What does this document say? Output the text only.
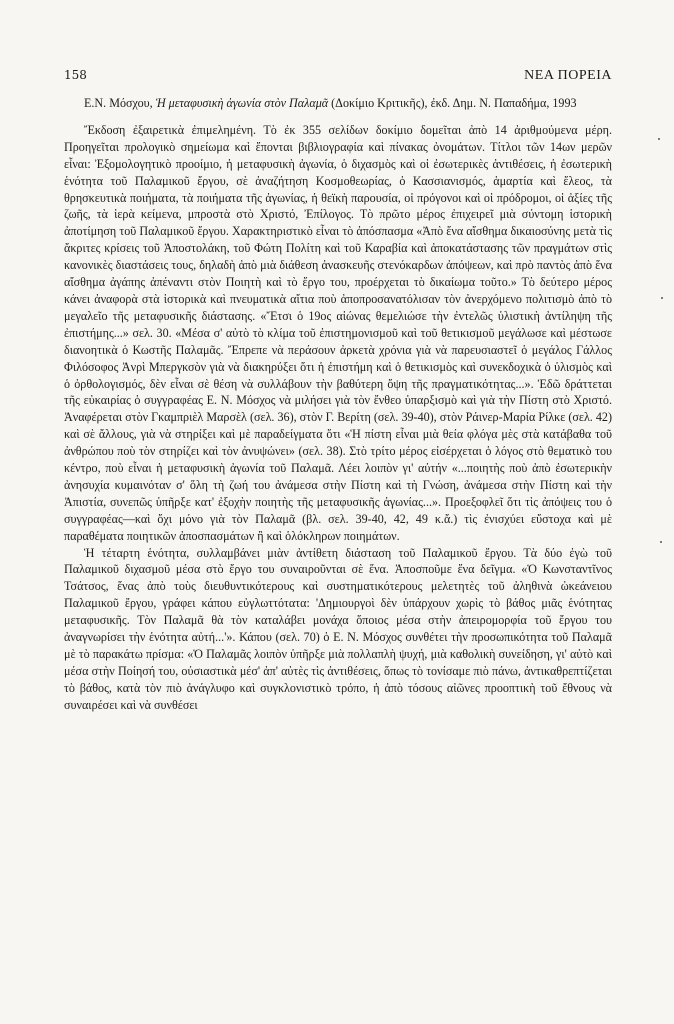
158	ΝΕΑ ΠΟΡΕΙΑ

Ε.Ν. Μόσχου, Ἡ μεταφυσικὴ ἀγωνία στὸν Παλαμᾶ (Δοκίμιο Κριτικῆς), ἐκδ. Δημ. Ν. Παπαδήμα, 1993

Ἔκδοση ἐξαιρετικὰ ἐπιμελημένη. Τὸ ἐκ 355 σελίδων δοκίμιο δομεῖται ἀπὸ 14 ἀριθμούμενα μέρη. Προηγεῖται προλογικὸ σημείωμα καὶ ἕπονται βιβλιογραφία καὶ πίνακας ὀνομάτων. Τίτλοι τῶν 14ων μερῶν εἶναι: Ἐξομολογητικὸ προοίμιο, ἡ μεταφυσικὴ ἀγωνία, ὁ διχασμὸς καὶ οἱ ἐσωτερικὲς ἀντιθέσεις, ἡ ἐσωτερικὴ ἑνότητα τοῦ Παλαμικοῦ ἔργου, σὲ ἀναζήτηση Κοσμοθεωρίας, ὁ Κασσιανισμός, ἁμαρτία καὶ ἔλεος, τὰ θρησκευτικὰ ποιήματα, τὰ ποιήματα τῆς ἀγωνίας, ἡ θεϊκὴ παρουσία, οἱ πρόγονοι καὶ οἱ πρόδρομοι, οἱ ἀξίες τῆς ζωῆς, τὰ ἱερὰ κείμενα, μπροστὰ στὸ Χριστό, Ἐπίλογος. Τὸ πρῶτο μέρος ἐπιχειρεῖ μιὰ σύντομη ἱστορικὴ ἀποτίμηση τοῦ Παλαμικοῦ ἔργου. Χαρακτηριστικὸ εἶναι τὸ ἀπόσπασμα «Ἀπὸ ἕνα αἴσθημα δικαιοσύνης μετὰ τὶς ἄκριτες κρίσεις τοῦ Ἀποστολάκη, τοῦ Φώτη Πολίτη καὶ τοῦ Καραβία καὶ ἀποκατάστασης τῶν πραγμάτων στὶς κανονικὲς διαστάσεις τους, δηλαδὴ ἀπὸ μιὰ διάθεση ἀνασκευῆς στενόκαρδων ἀπόψεων, καὶ πρὸ παντὸς ἀπὸ ἕνα αἴσθημα ἀγάπης ἀπέναντι στὸν Ποιητὴ καὶ τὸ ἔργο του, προέρχεται τὸ δικαίωμα τοῦτο.» Τὸ δεύτερο μέρος κάνει ἀναφορὰ στὰ ἱστορικὰ καὶ πνευματικὰ αἴτια ποὺ ἀποπροσανατόλισαν τὸν ἀνερχόμενο πολιτισμὸ ἀπὸ τὸ μεγαλεῖο τῆς μεταφυσικῆς διάστασης. «Ἔτσι ὁ 19ος αἰώνας θεμελιώσε τὴν ἐντελῶς ὑλιστικὴ ἀντίληψη τῆς ἐπιστήμης...» σελ. 30. «Μέσα σ' αὐτὸ τὸ κλίμα τοῦ ἐπιστημονισμοῦ καὶ τοῦ θετικισμοῦ μεγάλωσε καὶ μέστωσε διανοητικὰ ὁ Κωστῆς Παλαμᾶς. Ἔπρεπε νὰ περάσουν ἀρκετὰ χρόνια γιὰ νὰ παρευσιαστεῖ ὁ μεγάλος Γάλλος Φιλόσοφος Ἀνρὶ Μπεργκσὸν γιὰ νὰ διακηρύξει ὅτι ἡ ἐπιστήμη καὶ ὁ θετικισμὸς καὶ συνεκδοχικὰ ὁ ὑλισμὸς καὶ ὁ ὀρθολογισμός, δὲν εἶναι σὲ θέση νὰ συλλάβουν τὴν βαθύτερη ὄψη τῆς πραγματικότητας...». Ἐδῶ δράττεται τῆς εὐκαιρίας ὁ συγγραφέας Ε. Ν. Μόσχος νὰ μιλήσει γιὰ τὸν ἔνθεο ὑπαρξισμὸ καὶ γιὰ τὴν Πίστη στὸ Χριστό. Ἀναφέρεται στὸν Γκαμπριὲλ Μαρσὲλ (σελ. 36), στὸν Γ. Βερίτη (σελ. 39-40), στὸν Ράινερ-Μαρία Ρίλκε (σελ. 42) καὶ σὲ ἄλλους, γιὰ νὰ στηρίξει καὶ μὲ παραδείγματα ὅτι «Ἡ πίστη εἶναι μιὰ θεία φλόγα μὲς στὰ κατάβαθα τοῦ ἀνθρώπου ποὺ τὸν στηρίζει καὶ τὸν ἀνυψώνει» (σελ. 38). Στὸ τρίτο μέρος εἰσέρχεται ὁ λόγος στὸ θεματικὸ του κέντρο, ποὺ εἶναι ἡ μεταφυσικὴ ἀγωνία τοῦ Παλαμᾶ. Λέει λοιπὸν γι' αὐτήν «...ποιητὴς ποὺ ἀπὸ ἐσωτερικὴν ἀνησυχία κυμαινόταν σ' ὅλη τὴ ζωή του ἀνάμεσα στὴν Πίστη καὶ τὴ Γνώση, ἀνάμεσα στὴν Πίστη καὶ τὴν Ἀπιστία, συνεπῶς ὑπῆρξε κατ' ἐξοχὴν ποιητὴς τῆς μεταφυσικῆς ἀγωνίας...». Προεξοφλεῖ ὅτι τὶς ἀπόψεις του ὁ συγγραφέας—καὶ ὄχι μόνο γιὰ τὸν Παλαμᾶ (βλ. σελ. 39-40, 42, 49 κ.ἄ.) τὶς ἐνισχύει εὔστοχα καὶ μὲ παραθέματα ποιητικῶν ἀποσπασμάτων ἢ καὶ ὁλόκληρων ποιημάτων.

Ἡ τέταρτη ἑνότητα, συλλαμβάνει μιὰν ἀντίθετη διάσταση τοῦ Παλαμικοῦ ἔργου. Τὰ δύο ἐγὼ τοῦ Παλαμικοῦ διχασμοῦ μέσα στὸ ἔργο του συναιροῦνται σὲ ἕνα. Ἀποσποῦμε ἕνα δεῖγμα. «Ὁ Κωνσταντῖνος Τσάτσος, ἕνας ἀπὸ τοὺς διευθυντικότερους καὶ συστηματικότερους μελετητὲς τοῦ ἀληθινὰ ὠκεάνειου Παλαμικοῦ ἔργου, γράφει κάπου εὐγλωττότατα: 'Δημιουργοὶ δὲν ὑπάρχουν χωρὶς τὸ βάθος μιᾶς ἑνότητας μεταφυσικῆς. Τὸν Παλαμᾶ θὰ τὸν καταλάβει μονάχα ὅποιος μέσα στὴν ἀπειρομορφία τοῦ ἔργου του ἀναγνωρίσει τὴν ἑνότητα αὐτή...'». Κάπου (σελ. 70) ὁ Ε. Ν. Μόσχος συνθέτει τὴν προσωπικότητα τοῦ Παλαμᾶ μὲ τὸ παρακάτω πρίσμα: «Ὁ Παλαμᾶς λοιπὸν ὑπῆρξε μιὰ πολλαπλὴ ψυχή, μιὰ καθολικὴ συνείδηση, γι' αὐτὸ καὶ μέσα στὴν Ποίησή του, οὐσιαστικὰ μέσ' ἀπ' αὐτὲς τὶς ἀντιθέσεις, ὅπως τὸ τονίσαμε πιὸ πάνω, ἀντικαθρεπτίζεται τὸ βάθος, κατὰ τὸν πιὸ ἀνάγλυφο καὶ συγκλονιστικὸ τρόπο, ἡ ἀπὸ τόσους αἰῶνες προοπτικὴ τοῦ ἔθνους νὰ συναιρέσει καὶ νὰ συνθέσει
